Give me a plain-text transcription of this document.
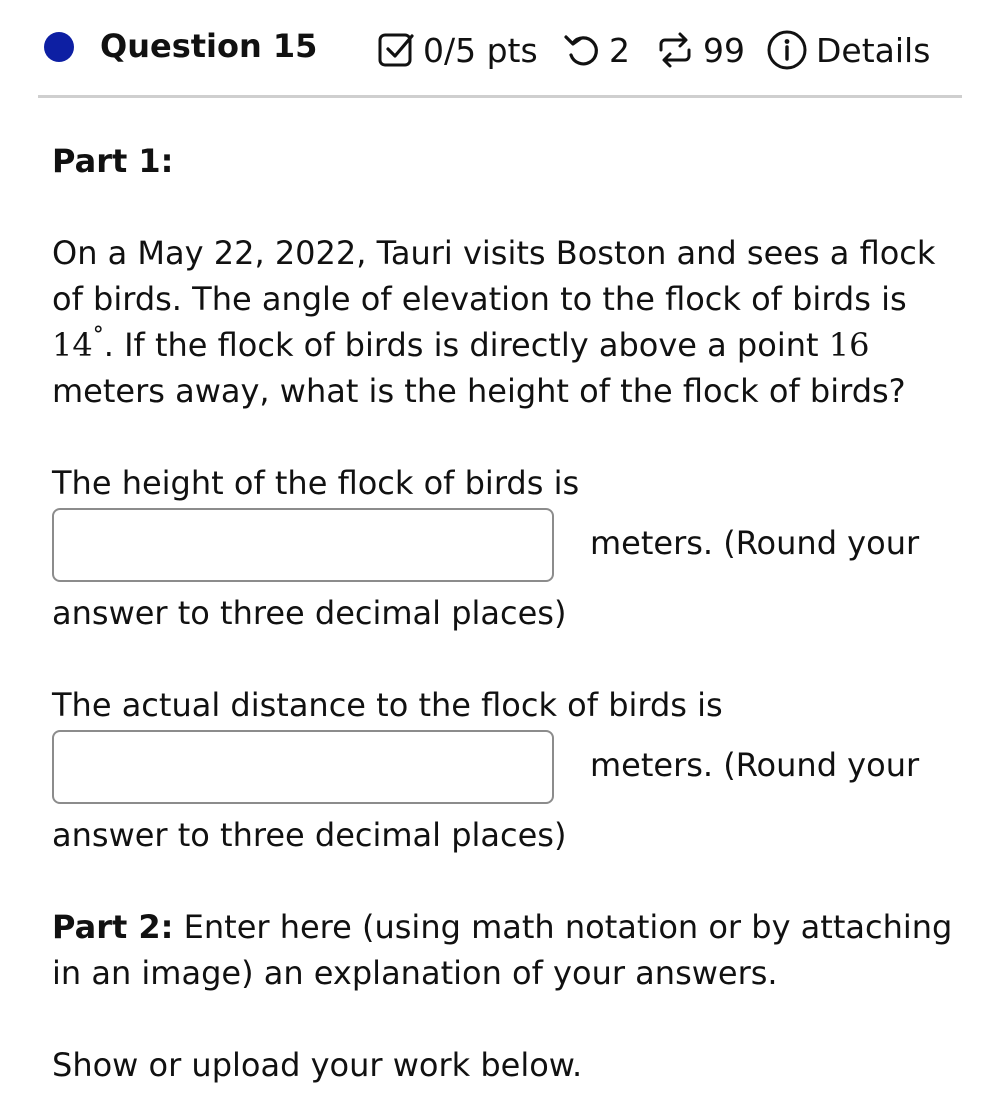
Question 15	0/5 pts 2 99 Details

Part 1:

On a May 22, 2022, Tauri visits Boston and sees a flock of birds. The angle of elevation to the flock of birds is
14°. If the flock of birds is directly above a point 16 meters away, what is the height of the flock of birds?

The height of the flock of birds is

meters. (Round your

answer to three decimal places)

The actual distance to the flock of birds is

meters. (Round your

answer to three decimal places)

Part 2: Enter here (using math notation or by attaching in an image) an explanation of your answers.

Show or upload your work below.
